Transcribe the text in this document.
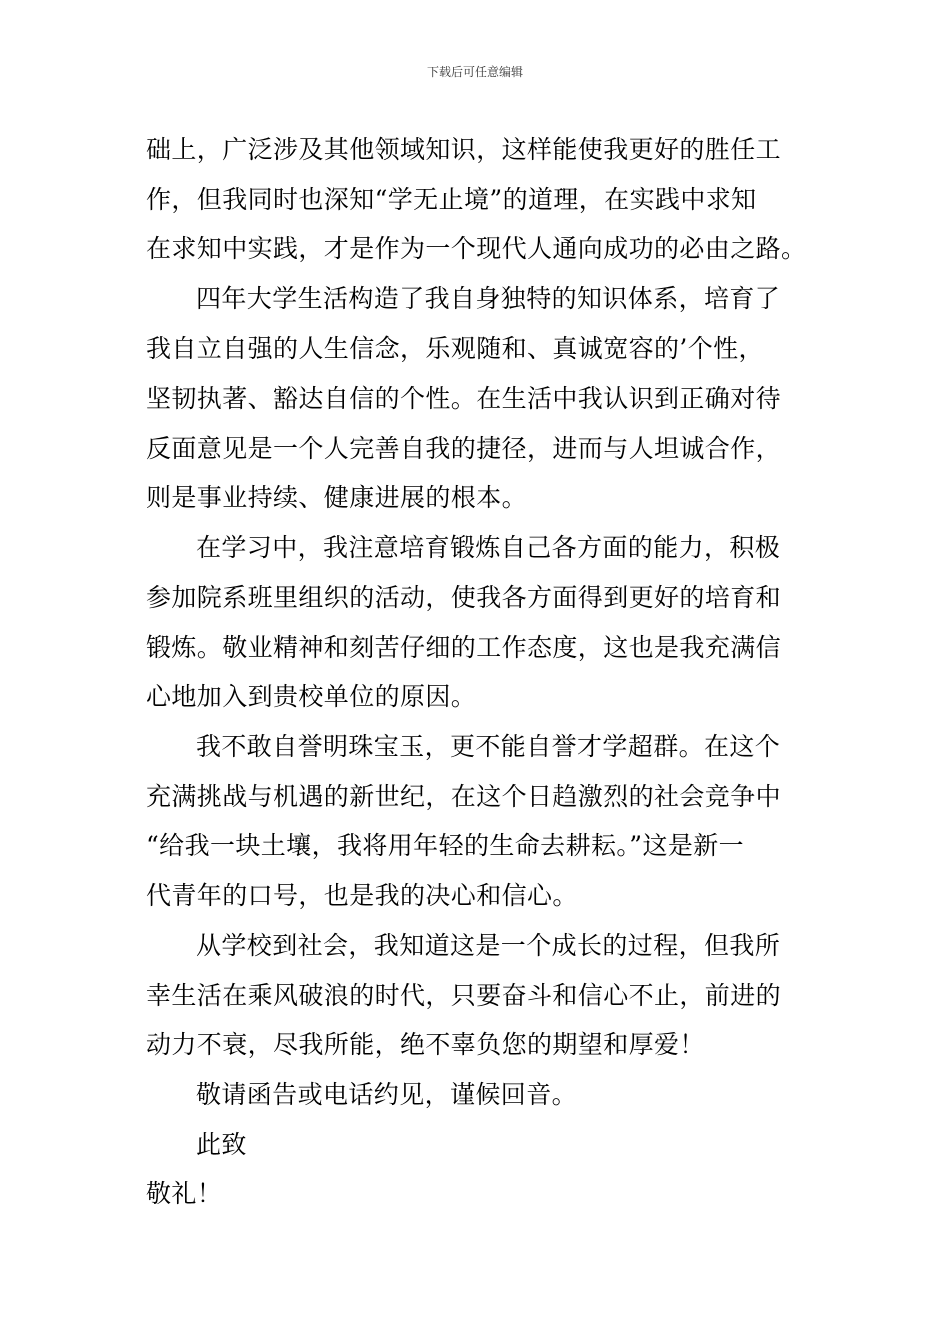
下载后可任意编辑
础上，广泛涉及其他领域知识，这样能使我更好的胜任工
作，但我同时也深知“学无止境”的道理，在实践中求知
在求知中实践，才是作为一个现代人通向成功的必由之路。
四年大学生活构造了我自身独特的知识体系，培育了
我自立自强的人生信念，乐观随和、真诚宽容的’个性，
坚韧执著、豁达自信的个性。在生活中我认识到正确对待
反面意见是一个人完善自我的捷径，进而与人坦诚合作，
则是事业持续、健康进展的根本。
在学习中，我注意培育锻炼自己各方面的能力，积极
参加院系班里组织的活动，使我各方面得到更好的培育和
锻炼。敬业精神和刻苦仔细的工作态度，这也是我充满信
心地加入到贵校单位的原因。
我不敢自誉明珠宝玉，更不能自誉才学超群。在这个
充满挑战与机遇的新世纪，在这个日趋激烈的社会竞争中
“给我一块土壤，我将用年轻的生命去耕耘。”这是新一
代青年的口号，也是我的决心和信心。
从学校到社会，我知道这是一个成长的过程，但我所
幸生活在乘风破浪的时代，只要奋斗和信心不止，前进的
动力不衰，尽我所能，绝不辜负您的期望和厚爱！
敬请函告或电话约见，谨候回音。
此致
敬礼！
